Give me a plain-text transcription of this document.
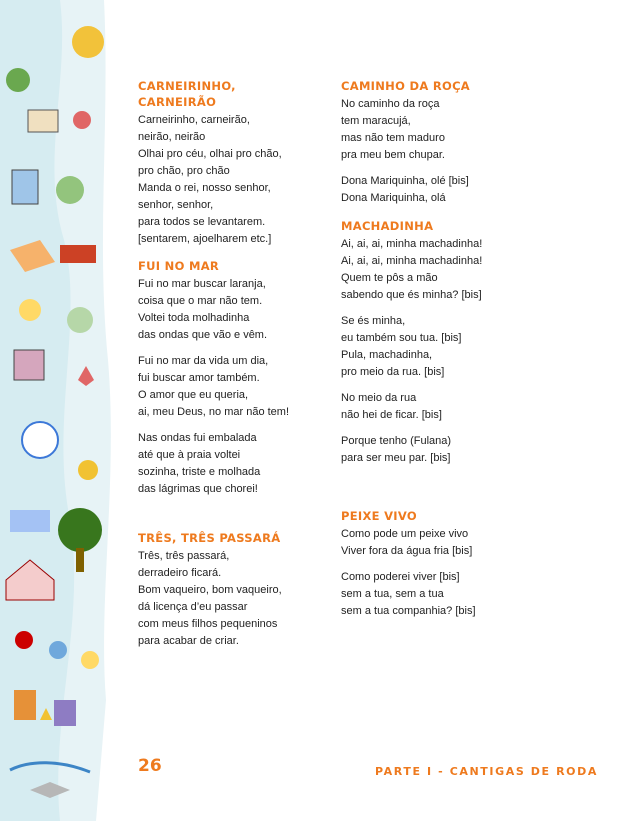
CARNEIRINHO, CARNEIRÃO
Carneirinho, carneirão,
neirão, neirão
Olhai pro céu, olhai pro chão,
pro chão, pro chão
Manda o rei, nosso senhor,
senhor, senhor,
para todos se levantarem.
[sentarem, ajoelharem etc.]
FUI NO MAR
Fui no mar buscar laranja,
coisa que o mar não tem.
Voltei toda molhadinha
das ondas que vão e vêm.
Fui no mar da vida um dia,
fui buscar amor também.
O amor que eu queria,
ai, meu Deus, no mar não tem!
Nas ondas fui embalada
até que à praia voltei
sozinha, triste e molhada
das lágrimas que chorei!
TRÊS, TRÊS PASSARÁ
Três, três passará,
derradeiro ficará.
Bom vaqueiro, bom vaqueiro,
dá licença d’eu passar
com meus filhos pequeninos
para acabar de criar.
CAMINHO DA ROÇA
No caminho da roça
tem maracujá,
mas não tem maduro
pra meu bem chupar.
Dona Mariquinha, olé [bis]
Dona Mariquinha, olá
MACHADINHA
Ai, ai, ai, minha machadinha!
Ai, ai, ai, minha machadinha!
Quem te pôs a mão
sabendo que és minha? [bis]
Se és minha,
eu também sou tua. [bis]
Pula, machadinha,
pro meio da rua. [bis]
No meio da rua
não hei de ficar. [bis]
Porque tenho (Fulana)
para ser meu par. [bis]
PEIXE VIVO
Como pode um peixe vivo
Viver fora da água fria [bis]
Como poderei viver [bis]
sem a tua, sem a tua
sem a tua companhia? [bis]
26	PARTE I - CANTIGAS DE RODA
